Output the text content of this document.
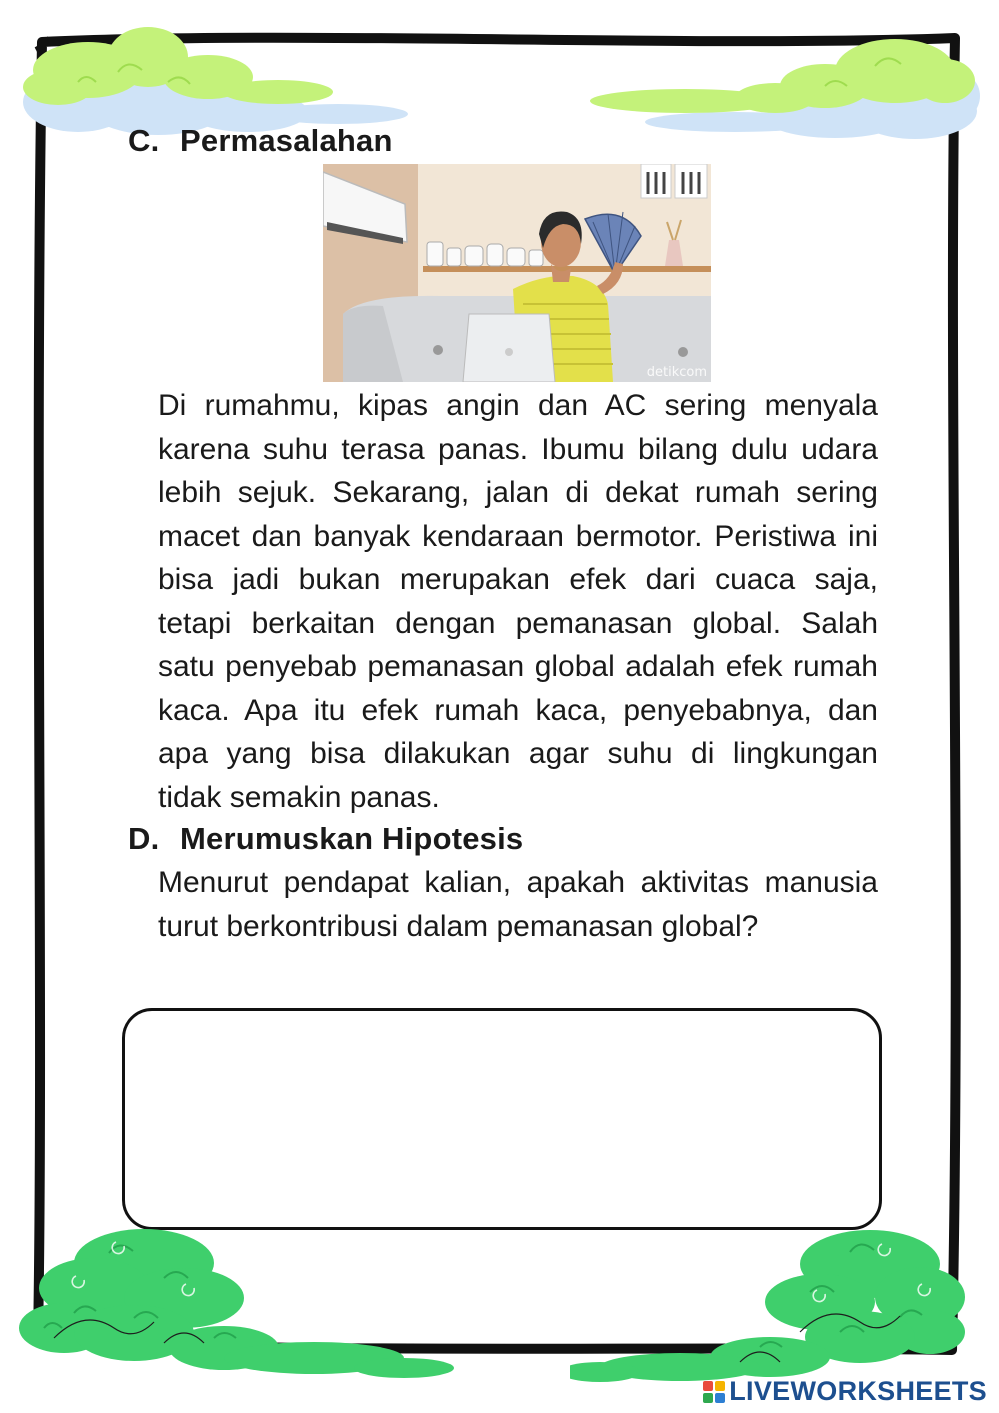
C. Permasalahan
detikcom
Di rumahmu, kipas angin dan AC sering menyala karena suhu terasa panas. Ibumu bilang dulu udara lebih sejuk. Sekarang, jalan di dekat rumah sering macet dan banyak kendaraan bermotor. Peristiwa ini bisa jadi bukan merupakan efek dari cuaca saja, tetapi berkaitan dengan pemanasan global. Salah satu penyebab pemanasan global adalah efek rumah kaca. Apa itu efek rumah kaca, penyebabnya, dan apa yang bisa dilakukan agar suhu di lingkungan tidak semakin panas.
D. Merumuskan Hipotesis
Menurut pendapat kalian, apakah aktivitas manusia turut berkontribusi dalam pemanasan global?
LIVEWORKSHEETS
